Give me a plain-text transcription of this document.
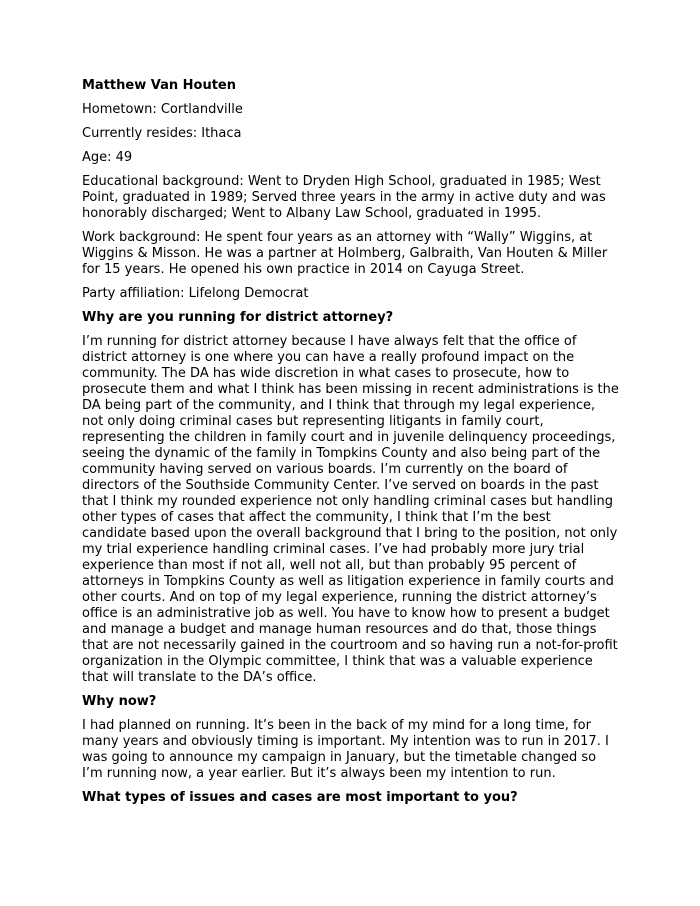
Matthew Van Houten

Hometown: Cortlandville

Currently resides: Ithaca

Age: 49

Educational background: Went to Dryden High School, graduated in 1985; West Point, graduated in 1989; Served three years in the army in active duty and was honorably discharged; Went to Albany Law School, graduated in 1995.

Work background: He spent four years as an attorney with “Wally” Wiggins, at Wiggins & Misson. He was a partner at Holmberg, Galbraith, Van Houten & Miller for 15 years. He opened his own practice in 2014 on Cayuga Street.

Party affiliation: Lifelong Democrat

Why are you running for district attorney?

I’m running for district attorney because I have always felt that the office of district attorney is one where you can have a really profound impact on the community. The DA has wide discretion in what cases to prosecute, how to prosecute them and what I think has been missing in recent administrations is the DA being part of the community, and I think that through my legal experience, not only doing criminal cases but representing litigants in family court, representing the children in family court and in juvenile delinquency proceedings, seeing the dynamic of the family in Tompkins County and also being part of the community having served on various boards. I’m currently on the board of directors of the Southside Community Center. I’ve served on boards in the past that I think my rounded experience not only handling criminal cases but handling other types of cases that affect the community, I think that I’m the best candidate based upon the overall background that I bring to the position, not only my trial experience handling criminal cases. I’ve had probably more jury trial experience than most if not all, well not all, but than probably 95 percent of attorneys in Tompkins County as well as litigation experience in family courts and other courts. And on top of my legal experience, running the district attorney’s office is an administrative job as well. You have to know how to present a budget and manage a budget and manage human resources and do that, those things that are not necessarily gained in the courtroom and so having run a not-for-profit organization in the Olympic committee, I think that was a valuable experience that will translate to the DA’s office.

Why now?

I had planned on running. It’s been in the back of my mind for a long time, for many years and obviously timing is important. My intention was to run in 2017. I was going to announce my campaign in January, but the timetable changed so I’m running now, a year earlier. But it’s always been my intention to run.

What types of issues and cases are most important to you?
